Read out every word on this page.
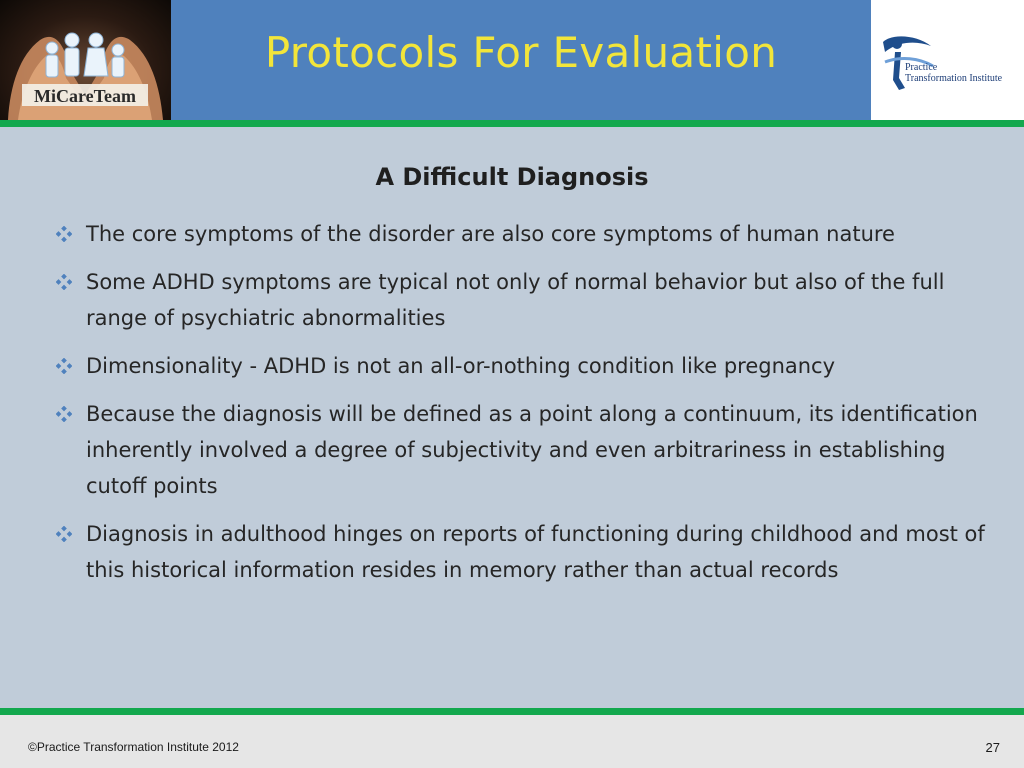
MiCareTeam
Protocols For Evaluation	Practice
Transformation Institute
A Difficult Diagnosis
The core symptoms of the disorder are also core symptoms of human nature
Some ADHD symptoms are typical not only of normal behavior but also of the full range of psychiatric abnormalities
Dimensionality - ADHD is not an all-or-nothing condition like pregnancy
Because the diagnosis will be defined as a point along a continuum, its identification inherently involved a degree of subjectivity and even arbitrariness in establishing cutoff points
Diagnosis in adulthood hinges on reports of functioning during childhood and most of this historical information resides in memory rather than actual records
©Practice Transformation Institute 2012	27
